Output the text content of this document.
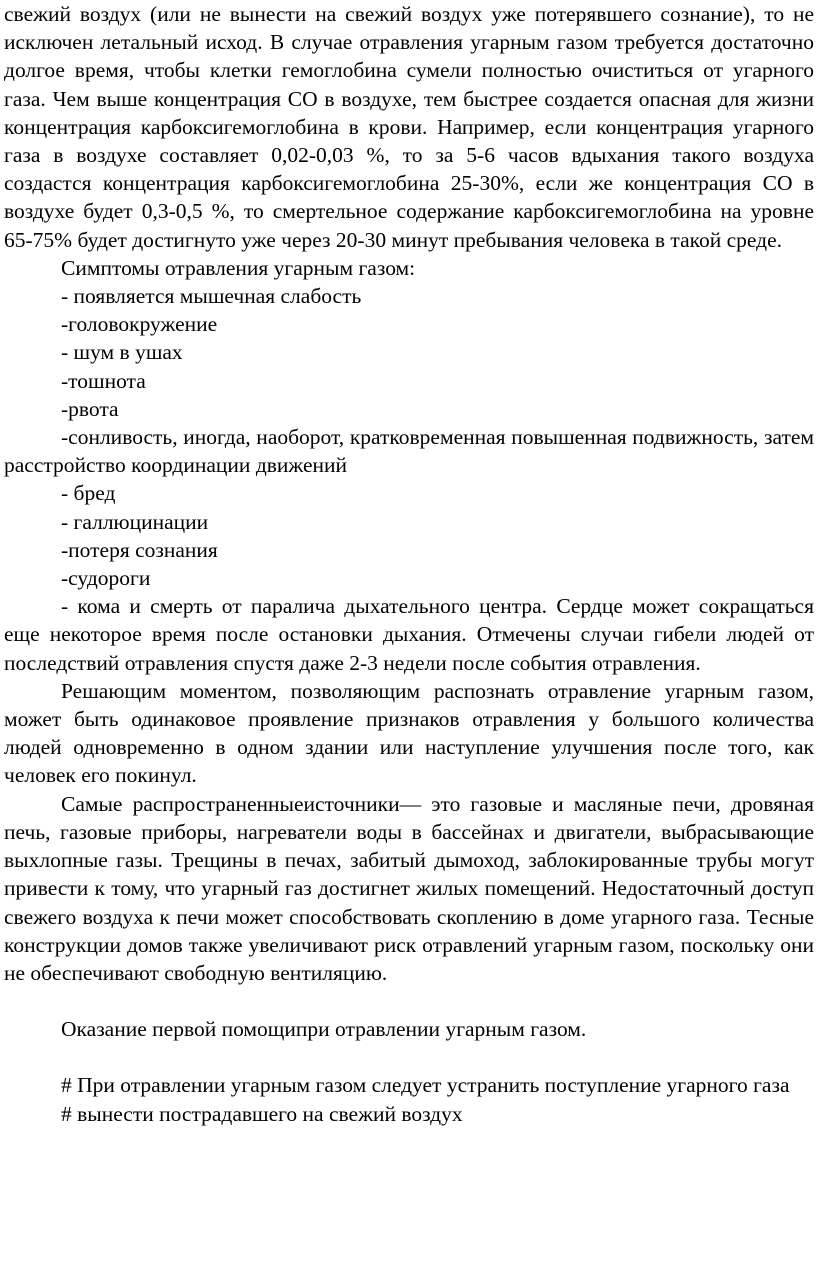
свежий воздух (или не вынести на свежий воздух уже потерявшего сознание), то не исключен летальный исход. В случае отравления угарным газом требуется достаточно долгое время, чтобы клетки гемоглобина сумели полностью очиститься от угарного газа. Чем выше концентрация СО в воздухе, тем быстрее создается опасная для жизни концентрация карбоксигемоглобина в крови. Например, если концентрация угарного газа в воздухе составляет 0,02-0,03 %, то за 5-6 часов вдыхания такого воздуха создастся концентрация карбоксигемоглобина 25-30%, если же концентрация СО в воздухе будет 0,3-0,5 %, то смертельное содержание карбоксигемоглобина на уровне 65-75% будет достигнуто уже через 20-30 минут пребывания человека в такой среде.

Симптомы отравления угарным газом:

- появляется мышечная слабость

-головокружение

- шум в ушах

-тошнота

-рвота

-сонливость, иногда, наоборот, кратковременная повышенная подвижность, затем расстройство координации движений

- бред

- галлюцинации

-потеря сознания

-судороги

- кома и смерть от паралича дыхательного центра. Сердце может сокращаться еще некоторое время после остановки дыхания. Отмечены случаи гибели людей от последствий отравления спустя даже 2-3 недели после события отравления.

Решающим моментом, позволяющим распознать отравление угарным газом, может быть одинаковое проявление признаков отравления у большого количества людей одновременно в одном здании или наступление улучшения после того, как человек его покинул.

Самые распространенныеисточники— это газовые и масляные печи, дровяная печь, газовые приборы, нагреватели воды в бассейнах и двигатели, выбрасывающие выхлопные газы. Трещины в печах, забитый дымоход, заблокированные трубы могут привести к тому, что угарный газ достигнет жилых помещений. Недостаточный доступ свежего воздуха к печи может способствовать скоплению в доме угарного газа. Тесные конструкции домов также увеличивают риск отравлений угарным газом, поскольку они не обеспечивают свободную вентиляцию.

Оказание первой помощипри отравлении угарным газом.

# При отравлении угарным газом следует устранить поступление угарного газа

# вынести пострадавшего на свежий воздух
